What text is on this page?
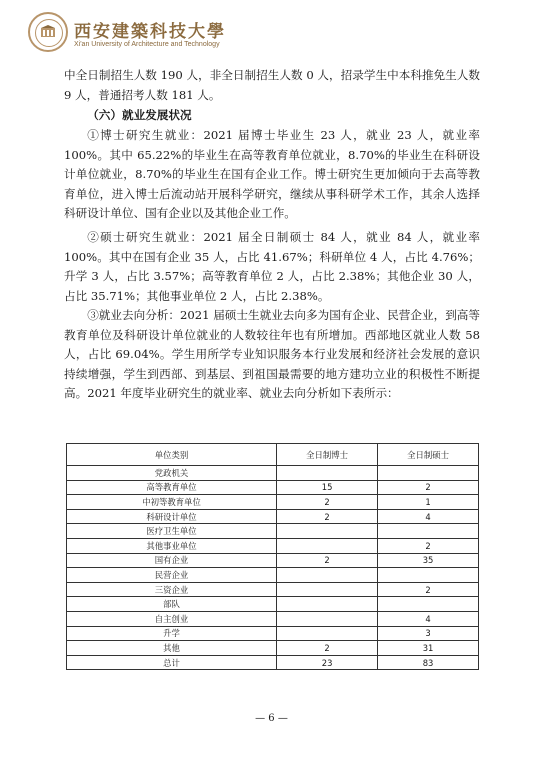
西安建築科技大學
Xi'an University of Architecture and Technology

中全日制招生人数 190 人，非全日制招生人数 0 人，招录学生中本科推免生人数 9 人，普通招考人数 181 人。

（六）就业发展状况

①博士研究生就业：2021 届博士毕业生 23 人，就业 23 人，就业率 100%。其中 65.22%的毕业生在高等教育单位就业，8.70%的毕业生在科研设计单位就业，8.70%的毕业生在国有企业工作。博士研究生更加倾向于去高等教育单位，进入博士后流动站开展科学研究，继续从事科研学术工作，其余人选择科研设计单位、国有企业以及其他企业工作。

②硕士研究生就业：2021 届全日制硕士 84 人，就业 84 人，就业率 100%。其中在国有企业 35 人，占比 41.67%；科研单位 4 人，占比 4.76%；升学 3 人，占比 3.57%；高等教育单位 2 人，占比 2.38%；其他企业 30 人，占比 35.71%；其他事业单位 2 人，占比 2.38%。

③就业去向分析：2021 届硕士生就业去向多为国有企业、民营企业，到高等教育单位及科研设计单位就业的人数较往年也有所增加。西部地区就业人数 58 人，占比 69.04%。学生用所学专业知识服务本行业发展和经济社会发展的意识持续增强，学生到西部、到基层、到祖国最需要的地方建功立业的积极性不断提高。2021 年度毕业研究生的就业率、就业去向分析如下表所示：

单位类别	全日制博士	全日制硕士
党政机关		
高等教育单位	15	2
中初等教育单位	2	1
科研设计单位	2	4
医疗卫生单位		
其他事业单位		2
国有企业	2	35
民营企业		
三资企业		2
部队		
自主创业		4
升学		3
其他	2	31
总计	23	83
— 6 —
